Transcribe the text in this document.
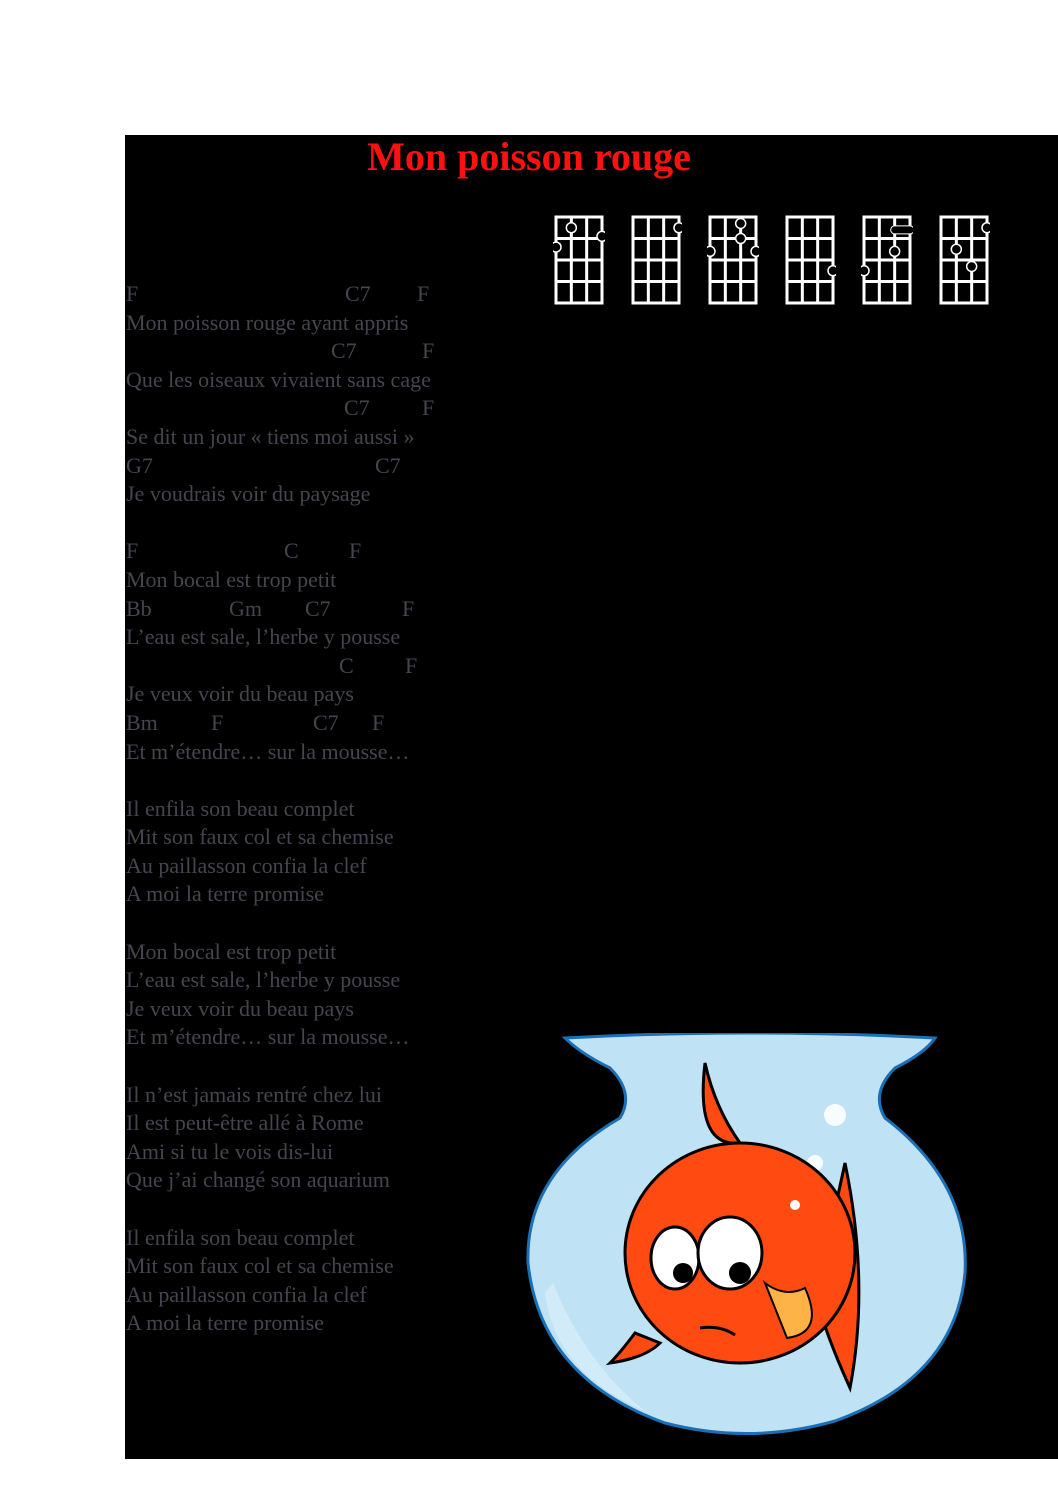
Mon poisson rouge
F	C7 F
Mon poisson rouge ayant appris
C7	F
Que les oiseaux vivaient sans cage
C7 F
Se dit un jour « tiens moi aussi »
G7	C7
Je voudrais voir du paysage
F	C F
Mon bocal est trop petit
Bb	Gm C7	F
L’eau est sale, l’herbe y pousse
C F
Je veux voir du beau pays
Bm F	C7 F
Et m’étendre… sur la mousse…
Il enfila son beau complet
Mit son faux col et sa chemise
Au paillasson confia la clef
A moi la terre promise
Mon bocal est trop petit
L’eau est sale, l’herbe y pousse
Je veux voir du beau pays
Et m’étendre… sur la mousse…
Il n’est jamais rentré chez lui
Il est peut-être allé à Rome
Ami si tu le vois dis-lui
Que j’ai changé son aquarium
Il enfila son beau complet
Mit son faux col et sa chemise
Au paillasson confia la clef
A moi la terre promise
